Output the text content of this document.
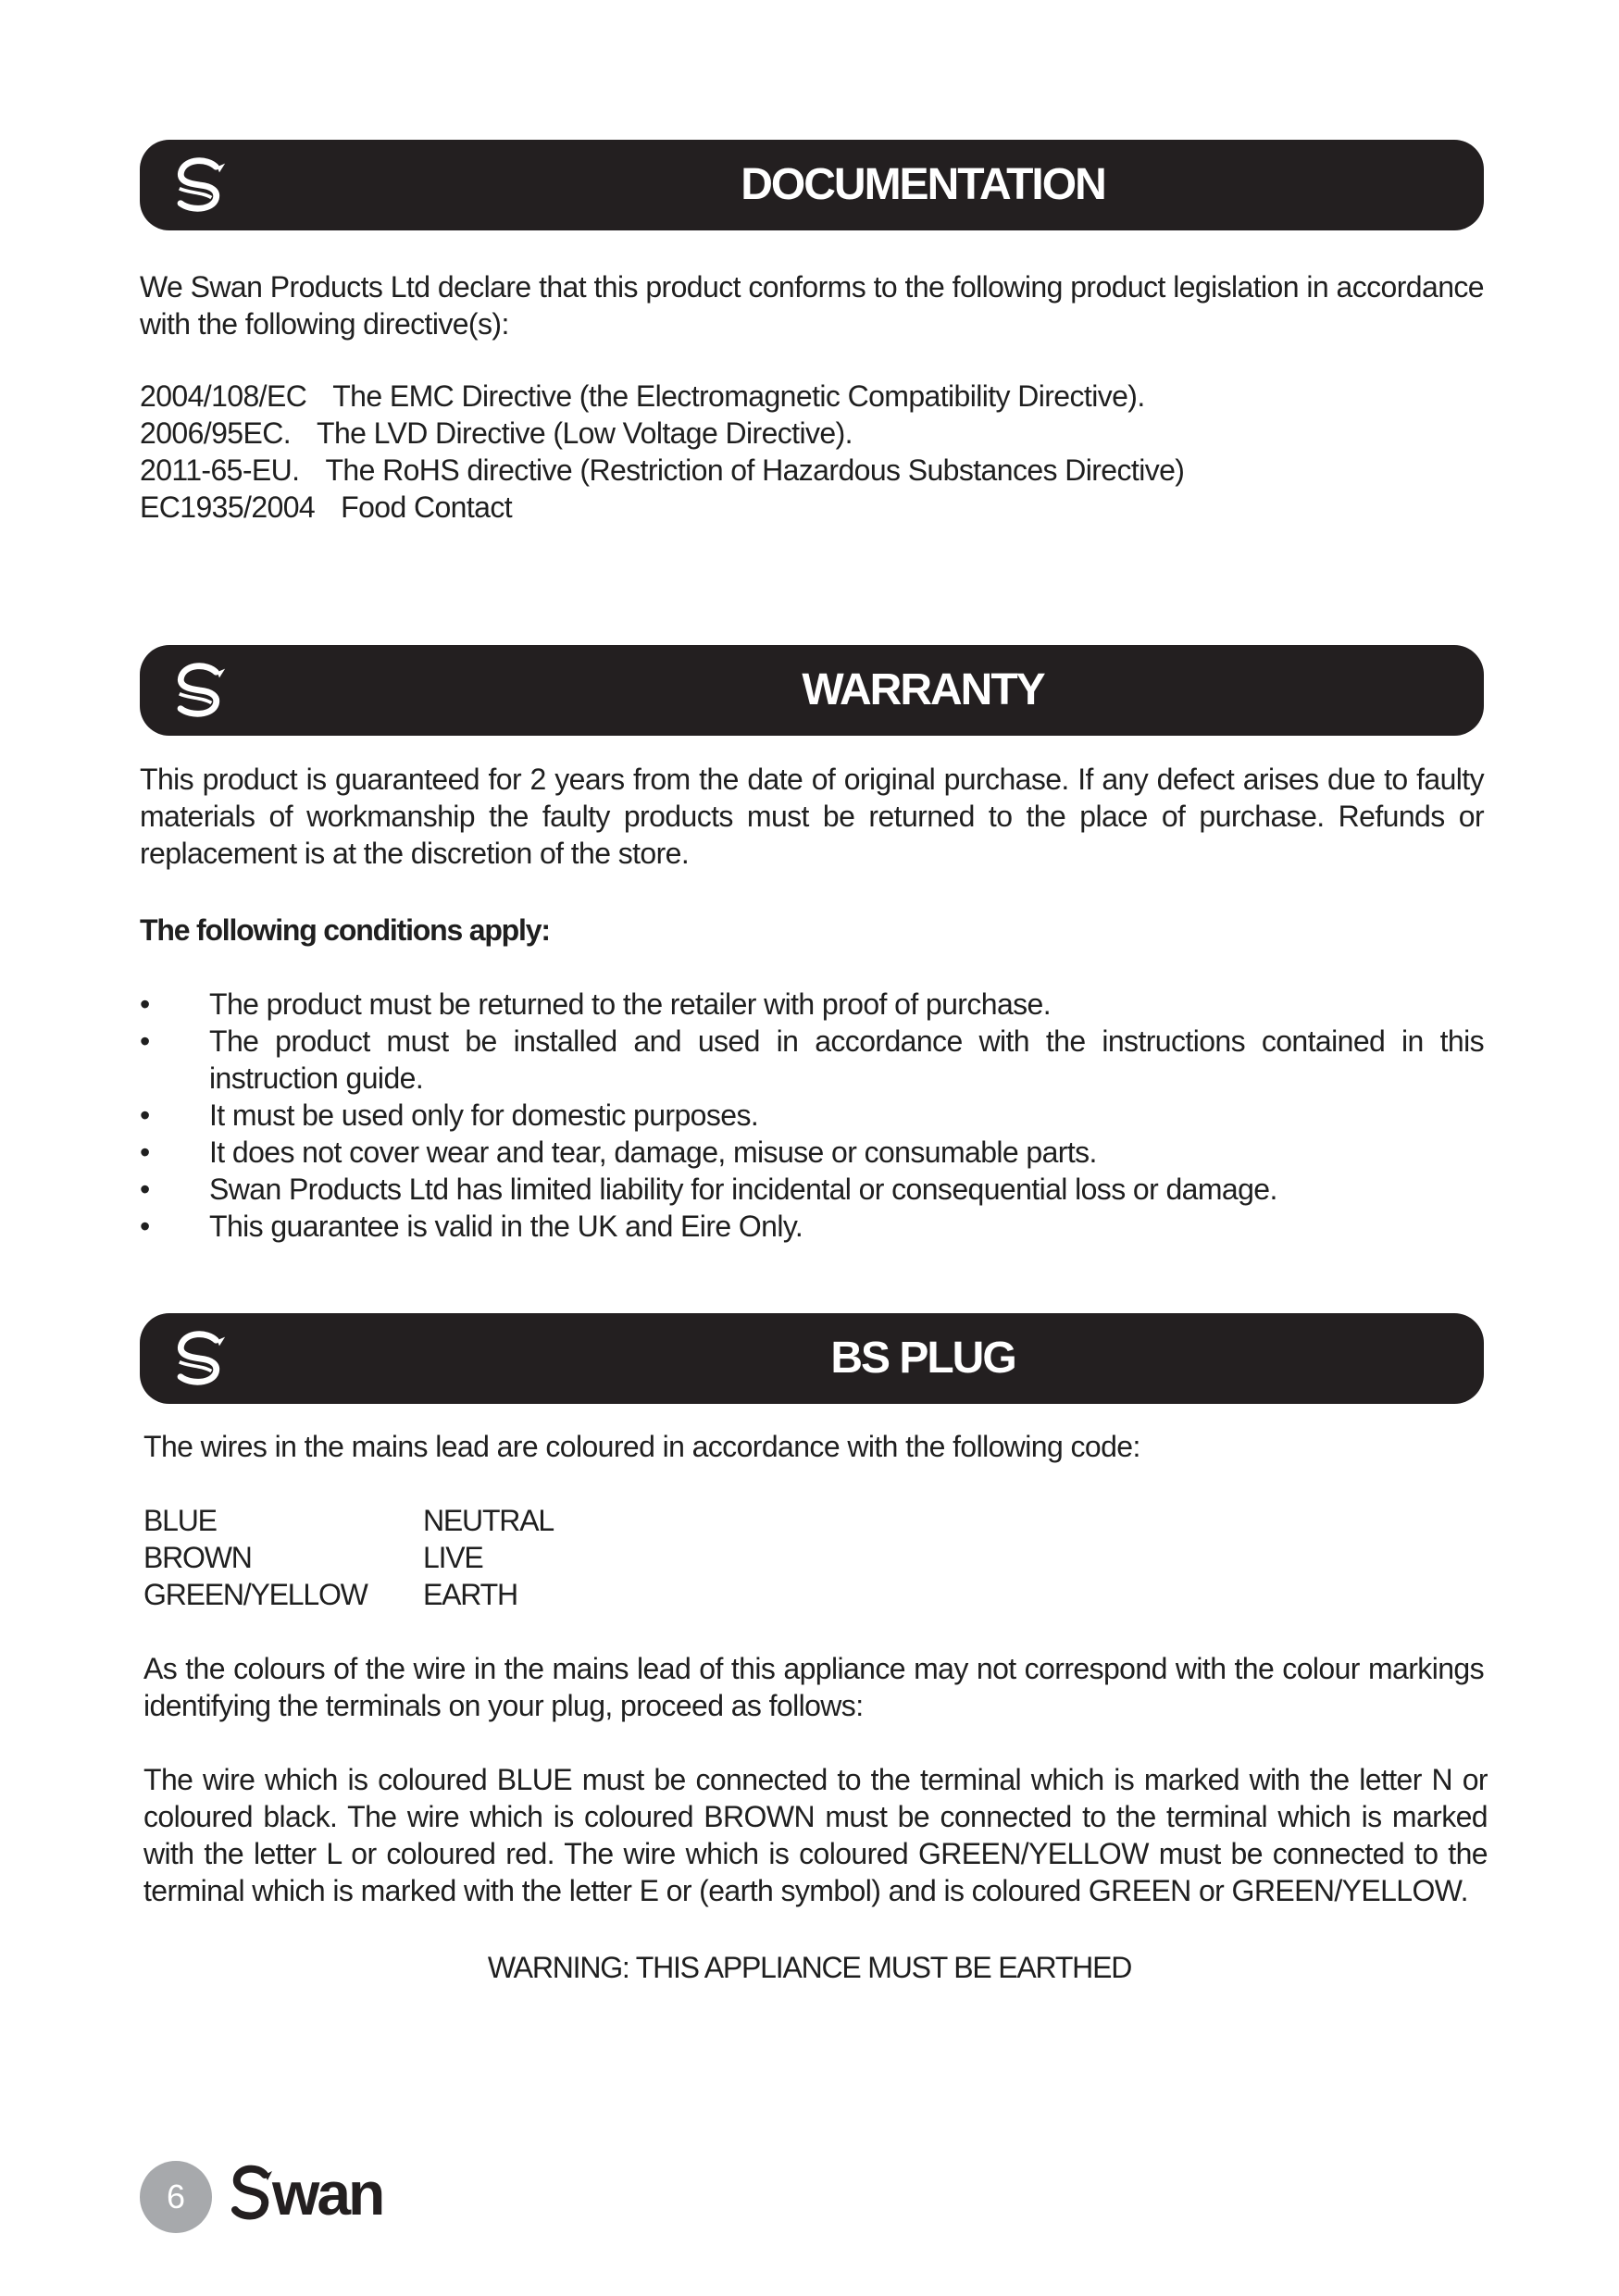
DOCUMENTATION

We Swan Products Ltd declare that this product conforms to the following product legislation in accordance with the following directive(s):

2004/108/EC The EMC Directive (the Electromagnetic Compatibility Directive).
2006/95EC. The LVD Directive (Low Voltage Directive).
2011-65-EU. The RoHS directive (Restriction of Hazardous Substances Directive)
EC1935/2004 Food Contact
WARRANTY

This product is guaranteed for 2 years from the date of original purchase. If any defect arises due to faulty materials of workmanship the faulty products must be returned to the place of purchase. Refunds or replacement is at the discretion of the store.

The following conditions apply:
•	The product must be returned to the retailer with proof of purchase.
•	The product must be installed and used in accordance with the instructions contained in this instruction guide.
•	It must be used only for domestic purposes.
•	It does not cover wear and tear, damage, misuse or consumable parts.
•	Swan Products Ltd has limited liability for incidental or consequential loss or damage.
•	This guarantee is valid in the UK and Eire Only.
BS PLUG

The wires in the mains lead are coloured in accordance with the following code:

BLUE	NEUTRAL
BROWN	LIVE
GREEN/YELLOW	EARTH

As the colours of the wire in the mains lead of this appliance may not correspond with the colour markings identifying the terminals on your plug, proceed as follows:

The wire which is coloured BLUE must be connected to the terminal which is marked with the letter N or coloured black. The wire which is coloured BROWN must be connected to the terminal which is marked with the letter L or coloured red. The wire which is coloured GREEN/YELLOW must be connected to the terminal which is marked with the letter E or (earth symbol) and is coloured GREEN or GREEN/YELLOW.

WARNING: THIS APPLIANCE MUST BE EARTHED
6	wan
